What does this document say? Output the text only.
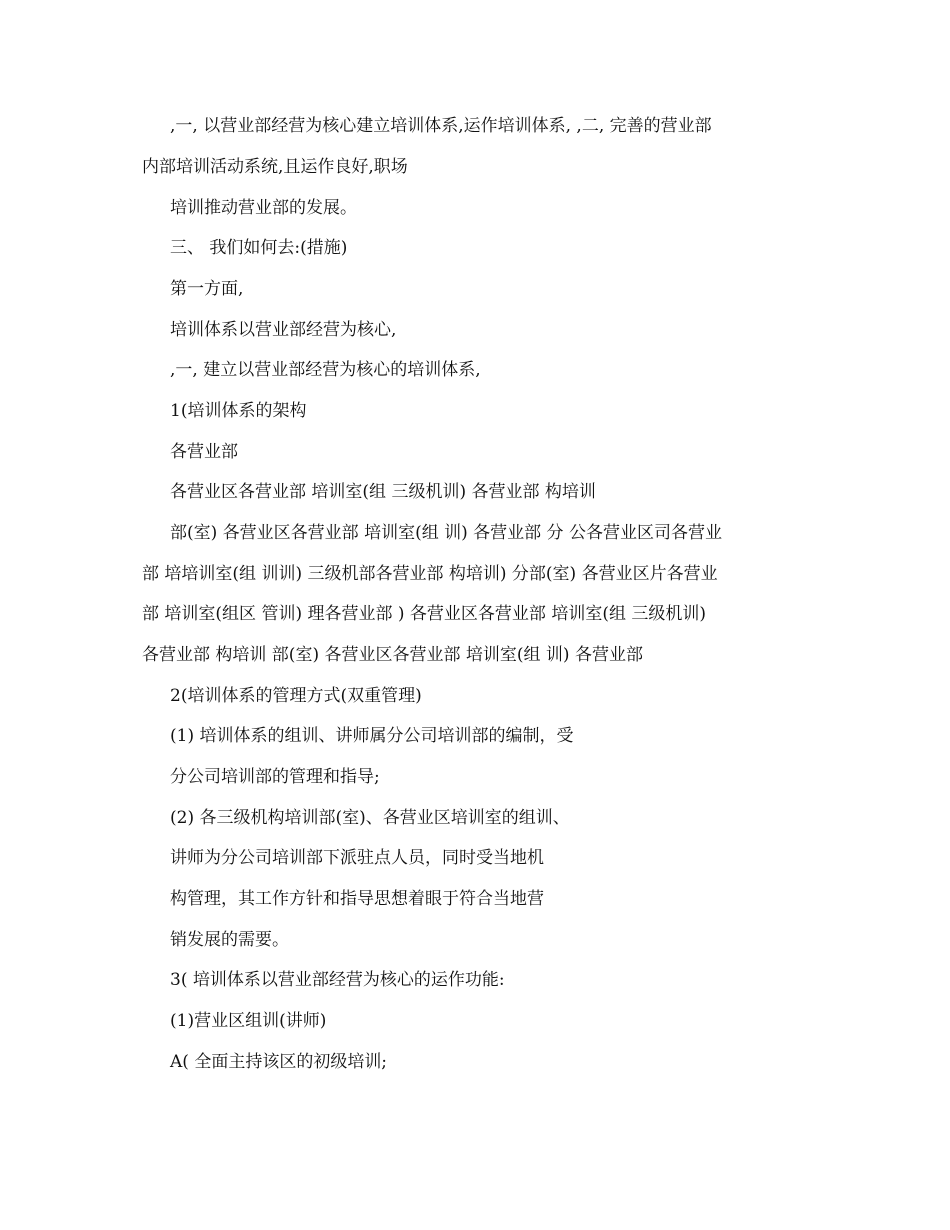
,一, 以营业部经营为核心建立培训体系,运作培训体系, ,二, 完善的营业部
内部培训活动系统,且运作良好,职场
培训推动营业部的发展。
三、 我们如何去:(措施)
第一方面,
培训体系以营业部经营为核心,
,一, 建立以营业部经营为核心的培训体系,
1(培训体系的架构
各营业部
各营业区各营业部 培训室(组 三级机训) 各营业部 构培训
部(室) 各营业区各营业部 培训室(组 训) 各营业部 分 公各营业区司各营业
部 培培训室(组 训训) 三级机部各营业部 构培训) 分部(室) 各营业区片各营业
部 培训室(组区 管训) 理各营业部 ) 各营业区各营业部 培训室(组 三级机训)
各营业部 构培训 部(室) 各营业区各营业部 培训室(组 训) 各营业部
2(培训体系的管理方式(双重管理)
(1) 培训体系的组训、讲师属分公司培训部的编制，受
分公司培训部的管理和指导;
(2) 各三级机构培训部(室)、各营业区培训室的组训、
讲师为分公司培训部下派驻点人员，同时受当地机
构管理，其工作方针和指导思想着眼于符合当地营
销发展的需要。
3( 培训体系以营业部经营为核心的运作功能:
(1)营业区组训(讲师)
A( 全面主持该区的初级培训;
